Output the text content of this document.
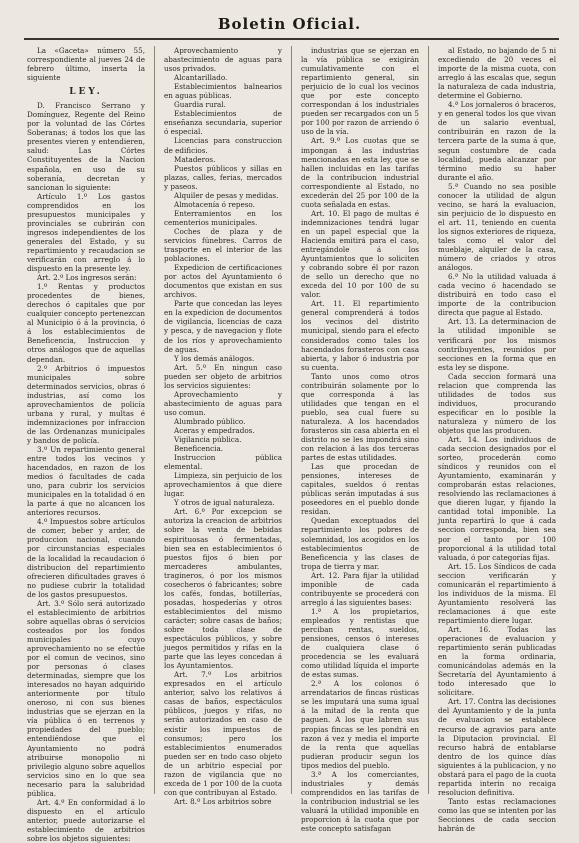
Boletin Oficial.

La «Gaceta» número 55, correspondiente al jueves 24 de febrero último, inserta la siguiente

LEY.

D. Francisco Serrano y Domínguez, Regente del Reino por la voluntad de las Córtes Soberanas; á todos los que las presentes vieren y entendieren, salud: Las Córtes Constituyentes de la Nacion española, en uso de su soberanía, decretan y sancionan lo siguiente:

Artículo 1.º Los gastos comprendidos en los presupuestos municipales y provinciales se cubrirán con ingresos independientes de los generales del Estado, y su repartimiento y recaudacion se verificarán con arreglo á lo dispuesto en la presente ley.

Art. 2.º Los ingresos serán:

1.º Rentas y productos procedentes de bienes, derechos ó capitales que por cualquier concepto pertenezcan al Municipio ó á la provincia, ó á los establecimientos de Beneficencia, Instruccion y otros análogos que de aquellas dependan.

2.º Arbitrios ó impuestos municipales sobre determinados servicios, obras ó industrias, así como los aprovechamientos de policía urbana y rural, y multas é indemnizaciones por infraccion de las Ordenanzas municipales y bandos de policía.

3.º Un repartimiento general entre todos los vecinos y hacendados, en razon de los medios ó facultades de cada uno, para cubrir los servicios municipales en la totalidad ó en la parte á que no alcancen los anteriores recursos.

4.º Impuestos sobre artículos de comer, beber y arder, de produccion nacional, cuando por circunstancias especiales de la localidad la recaudacion ó distribucion del repartimiento ofrecieren dificultades graves ó no pudiese cubrir la totalidad de los gastos presupuestos.

Art. 3.º Sólo será autorizado el establecimiento de arbitrios sobre aquellas obras ó servicios costeados por los fondos municipales cuyo aprovechamiento no se efectúe por el comun de vecinos, sino por personas ó clases determinadas, siempre que los interesados no hayan adquirido anteriormente por título oneroso, ni con sus bienes industrias que se ejerzan en la vía pública ó en terrenos y propiedades del pueblo; entendiéndose que el Ayuntamiento no podrá atribuirse monopolio ni privilegio alguno sobre aquellos servicios sino en lo que sea necesario para la salubridad pública.

Art. 4.º En conformidad á lo dispuesto en el artículo anterior, puede autorizarse el establecimiento de arbitrios sobre los objetos siguientes:

Aprovechamiento y abastecimiento de aguas para usos privados.

Alcantarillado.

Establecimientos balnearios en aguas públicas.

Guardia rural.

Establecimientos de enseñanza secundaria, superior ó especial.

Licencias para construccion de edificios.

Mataderos.

Puestos públicos y sillas en plazas, calles, ferias, mercados y paseos.

Alquiler de pesas y medidas.

Almotacenía ó repeso.

Enterramientos en los cementerios municipales.

Coches de plaza y de servicios fúnebres. Carros de trasporte en el interior de las poblaciones.

Expedicion de certificaciones por actos del Ayuntamiento ó documentos que existan en sus archivos.

Parte que concedan las leyes en la expedicion de documentos de vigilancia, licencias de caza y pesca, y de navegacion y flote de los ríos y aprovechamiento de aguas.

Y los demás análogos.

Art. 5.º En ningun caso pueden ser objeto de arbitrios los servicios siguientes:

Aprovechamiento y abastecimiento de aguas para uso comun.

Alumbrado público.

Aceras y empedrados.

Vigilancia pública.

Beneficencia.

Instruccion pública elemental.

Limpieza, sin perjuicio de los aprovechamientos á que diere lugar.

Y otros de igual naturaleza.

Art. 6.º Por excepcion se autoriza la creacion de arbitrios sobre la venta de bebidas espirituosas ó fermentadas, bien sea en establecimientos ó puestos fijos ó bien por mercaderes ambulantes, tragineros, ó por los mismos cosecheros ó fabricantes; sobre los cafés, fondas, botillerías, posadas, hospederías y otros establecimientos del mismo carácter; sobre casas de baños; sobre toda clase de espectáculos públicos, y sobre juegos permitidos y rifas en la parte que las leyes concedan á los Ayuntamientos.

Art. 7.º Los arbitrios expresados en el artículo anterior, salvo los relativos á casas de baños, espectáculos públicos, juegos y rifas, no serán autorizados en caso de existir los impuestos de consumos; pero los establecimientos enumerados pueden ser en todo caso objeto de un arbitrio especial por razon de vigilancia que no exceda de 1 por 100 de la cuota con que contribuyan al Estado.

Art. 8.º Los arbitrios sobre

industrias que se ejerzan en la vía pública se exigirán cumulativamente con el repartimiento general, sin perjuicio de lo cual los vecinos que por este concepto correspondan á los industriales pueden ser recargados con un 5 por 100 por razon de arriendo ó uso de la vía.

Art. 9.º Los cuotas que se impongan á las industrias mencionadas en esta ley, que se hallen incluidas en las tarifas de la contribucion industrial correspondiente al Estado, no excederán del 25 por 100 de la cuota señalada en estas.

Art. 10. El pago de multas é indemnizaciones tendrá lugar en un papel especial que la Hacienda emitirá para el caso, entregándole á los Ayuntamientos que lo soliciten y cobrando sobre él por razon de sello un derecho que no exceda del 10 por 100 de su valor.

Art. 11. El repartimiento general comprenderá á todos los vecinos del distrito municipal, siendo para el efecto considerados como tales los hacendados forasteros con casa abierta, y labor ó industria por su cuenta.

Tanto unos como otros contribuirán solamente por lo que corresponda á las utilidades que tengan en el pueblo, sea cual fuere su naturaleza. A los hacendados forasteros sin casa abierta en el distrito no se les impondrá sino con relacion á las dos terceras partes de estas utilidades.

Las que procedan de pensiones, intereses de capitales, sueldos ó rentas públicas serán imputadas á sus poseedores en el pueblo donde residan.

Quedan exceptuados del repartimiento los pobres de solemnidad, los acogidos en los establecimientos de Beneficencia y las clases de tropa de tierra y mar.

Art. 12. Para fijar la utilidad imponible de cada contribuyente se procederá con arreglo á las siguientes bases:

1.ª A los propietarios, empleados y rentistas que perciban rentas, sueldos, pensiones, censos ó intereses de cualquiera clase ó procedencia se les evaluará como utilidad líquida el importe de estas sumas.

2.ª A los colonos ó arrendatarios de fincas rústicas se les imputará una suma igual á la mitad de la renta que paguen. A los que labren sus propias fincas se les pondrá en razon á vez y media el importe de la renta que aquellas pudieran producir segun los tipos medios del pueblo.

3.ª A los comerciantes, industriales y demás comprendidos en las tarifas de la contribucion industrial se les valuará la utilidad imponible en proporcion á la cuota que por este concepto satisfagan

al Estado, no bajando de 5 ni excediendo de 20 veces el importe de la misma cuota, con arreglo á las escalas que, segun la naturaleza de cada industria, determine el Gobierno.

4.ª Los jornaleros ó braceros, y en general todos los que vivan de un salario eventual, contribuirán en razon de la tercera parte de la suma á que, segun costumbre de cada localidad, pueda alcanzar por término medio su haber durante el año.

5.ª Cuando no sea posible conocer la utilidad de algun vecino, se hará la evaluacion, sin perjuicio de lo dispuesto en el art. 11, teniendo en cuenta los signos exteriores de riqueza, tales como el valor del mueblaje, alquiler de la casa, número de criados y otros análogos.

6.ª No la utilidad valuada á cada vecino ó hacendado se distribuirá en todo caso el importe de la contribucion directa que pague al Estado.

Art. 13. La determinacion de la utilidad imponible se verificará por los mismos contribuyentes, reunidos por secciones en la forma que en esta ley se dispone.

Cada seccion formará una relacion que comprenda las utilidades de todos sus individuos, procurando especificar en lo posible la naturaleza y número de los objetos que las producen.

Art. 14. Los individuos de cada seccion designados por el sorteo, procederán como síndicos y reunidos con el Ayuntamiento, examinarán y comprobarán estas relaciones, resolviendo las reclamaciones á que dieren lugar, y fijando la cantidad total imponible. La junta repartirá lo que á cada seccion corresponda, bien sea por el tanto por 100 proporcional á la utilidad total valuada, ó por categorías fijas.

Art. 15. Los Síndicos de cada seccion verificarán y comunicarán el repartimiento á los individuos de la misma. El Ayuntamiento resolverá las reclamaciones á que este repartimiento diere lugar.

Art. 16. Todas las operaciones de evaluacion y repartimiento serán publicadas en la forma ordinaria, comunicándolas además en la Secretaría del Ayuntamiento á todo interesado que lo solicitare.

Art. 17. Contra las decisiones del Ayuntamiento y de la junta de evaluacion se establece recurso de agravios para ante la Diputacion provincial. El recurso habrá de entablarse dentro de los quince días siguientes á la publicacion, y no obstará para el pago de la cuota repartida interin no recaiga resolucion definitiva.

Tanto estas reclamaciones como las que se intenten por las Secciones de cada seccion habrán de
